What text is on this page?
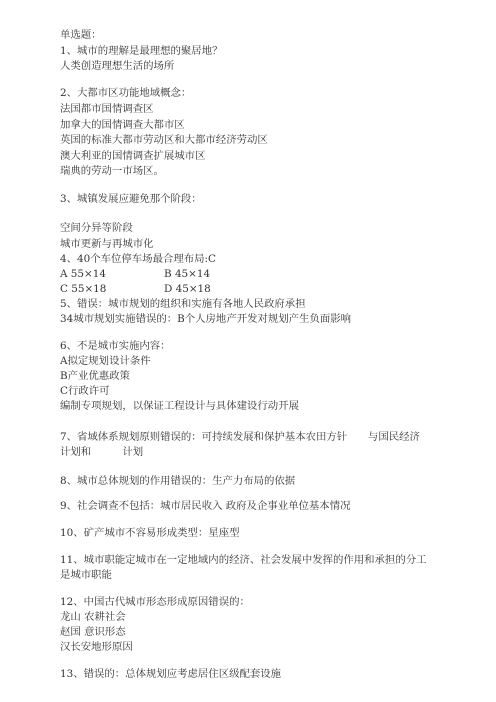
单选题：
1、城市的理解是最理想的聚居地？
人类创造理想生活的场所
2、大都市区功能地域概念：
法国都市国情调查区
加拿大的国情调查大都市区
英国的标准大都市劳动区和大都市经济劳动区
澳大利亚的国情调查扩展城市区
瑞典的劳动一市场区。
3、城镇发展应避免那个阶段：
空间分异等阶段
城市更新与再城市化
4、40个车位停车场最合理布局:C
A 55×14	B 45×14
C 55×18	D 45×18
5、错误：城市规划的组织和实施有各地人民政府承担
34城市规划实施错误的：B个人房地产开发对规划产生负面影响
6、不是城市实施内容：
A拟定规划设计条件
B产业优惠政策
C行政许可
编制专项规划，以保证工程设计与具体建设行动开展
7、省域体系规划原则错误的：可持续发展和保护基本农田方针　　与国民经济
计划和　　　计划
8、城市总体规划的作用错误的：生产力布局的依据
9、社会调查不包括：城市居民收入 政府及企事业单位基本情况
10、矿产城市不容易形成类型：星座型
11、城市职能定城市在一定地域内的经济、社会发展中发挥的作用和承担的分工
是城市职能
12、中国古代城市形态形成原因错误的：
龙山 农耕社会
赵国 意识形态
汉长安地形原因
13、错误的：总体规划应考虑居住区级配套设施
